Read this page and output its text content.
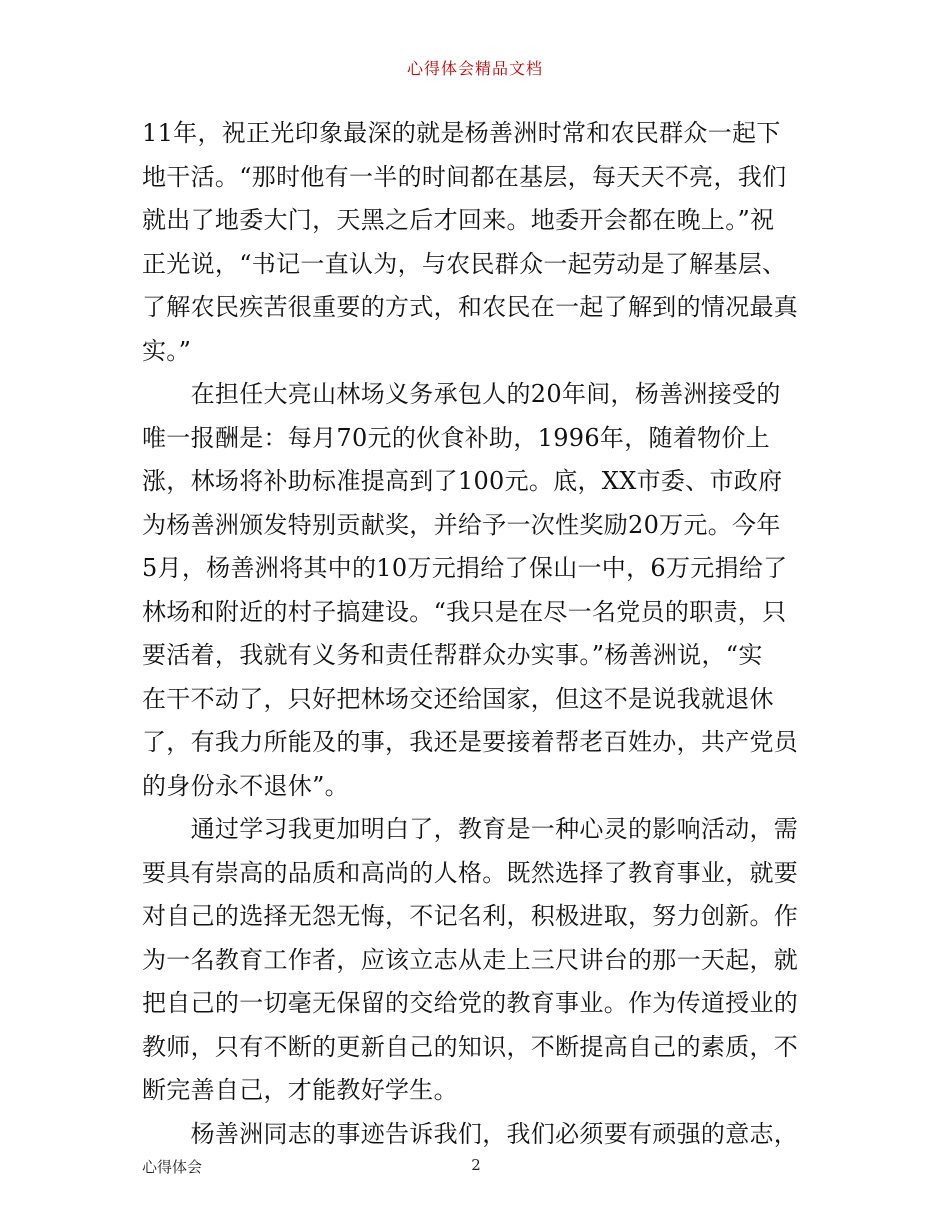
心得体会精品文档
11年，祝正光印象最深的就是杨善洲时常和农民群众一起下
地干活。“那时他有一半的时间都在基层，每天天不亮，我们
就出了地委大门，天黑之后才回来。地委开会都在晚上。”祝
正光说，“书记一直认为，与农民群众一起劳动是了解基层、
了解农民疾苦很重要的方式，和农民在一起了解到的情况最真
实。”
　　在担任大亮山林场义务承包人的20年间，杨善洲接受的
唯一报酬是：每月70元的伙食补助，1996年，随着物价上
涨，林场将补助标准提高到了100元。底，XX市委、市政府
为杨善洲颁发特别贡献奖，并给予一次性奖励20万元。今年
5月，杨善洲将其中的10万元捐给了保山一中，6万元捐给了
林场和附近的村子搞建设。“我只是在尽一名党员的职责，只
要活着，我就有义务和责任帮群众办实事。”杨善洲说，“实
在干不动了，只好把林场交还给国家，但这不是说我就退休
了，有我力所能及的事，我还是要接着帮老百姓办，共产党员
的身份永不退休”。
　　通过学习我更加明白了，教育是一种心灵的影响活动，需
要具有崇高的品质和高尚的人格。既然选择了教育事业，就要
对自己的选择无怨无悔，不记名利，积极进取，努力创新。作
为一名教育工作者，应该立志从走上三尺讲台的那一天起，就
把自己的一切毫无保留的交给党的教育事业。作为传道授业的
教师，只有不断的更新自己的知识，不断提高自己的素质，不
断完善自己，才能教好学生。
　　杨善洲同志的事迹告诉我们，我们必须要有顽强的意志，
心得体会	2
